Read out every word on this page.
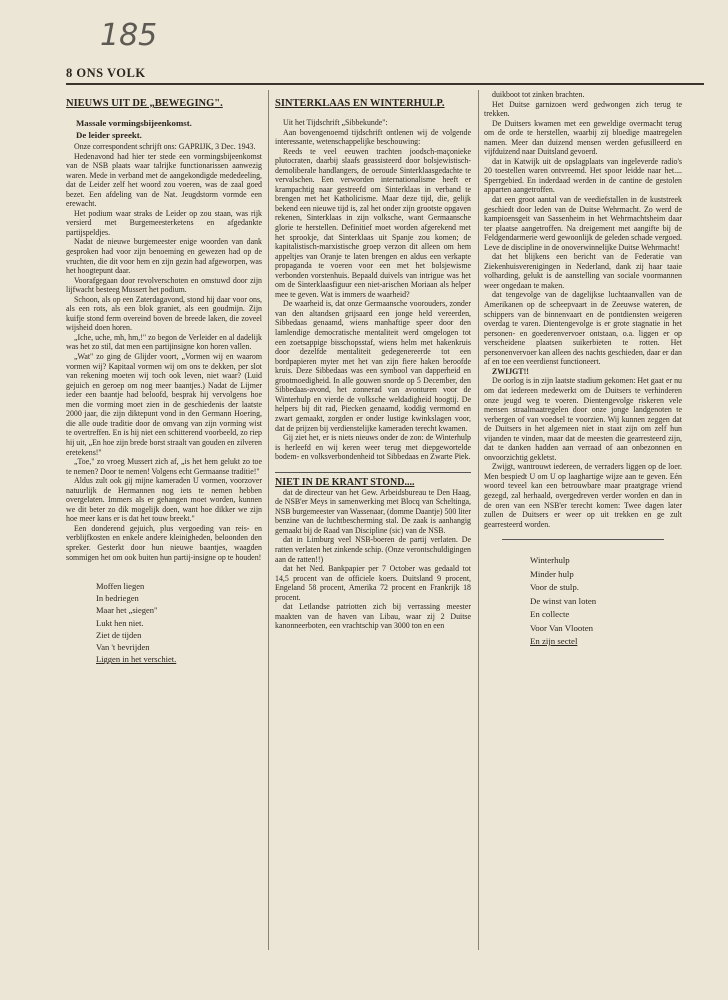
185
8 ONS VOLK
NIEUWS UIT DE „BEWEGING".
Massale vormingsbijeenkomst.
De leider spreekt.

Onze correspondent schrijft ons: GAPRIJK, 3 Dec. 1943.

Hedenavond had hier ter stede een vormingsbijeenkomst van de NSB plaats waar talrijke functionarissen aanwezig waren. Mede in verband met de aangekondigde mededeeling, dat de Leider zelf het woord zou voeren, was de zaal goed bezet. Een afdeling van de Nat. Jeugdstorm vormde een erewacht.

Het podium waar straks de Leider op zou staan, was rijk versierd met Burgemeesterketens en afgedankte partijspeldjes.

Nadat de nieuwe burgemeester enige woorden van dank gesproken had voor zijn benoeming en gewezen had op de vruchten, die dit voor hem en zijn gezin had afgeworpen, was het hoogtepunt daar.

Voorafgegaan door revolverschoten en omstuwd door zijn lijfwacht besteeg Mussert het podium.

Schoon, als op een Zaterdagavond, stond hij daar voor ons, als een rots, als een blok graniet, als een goudmijn. Zijn kuifje stond ferm overeind boven de breede laken, die zoveel wijsheid doen horen.

„Iche, uche, mh, hm,!" zo begon de Verleider en al dadelijk was het zo stil, dat men een partijinsigne kon horen vallen.

„Wat" zo ging de Glijder voort, „Vormen wij en waarom vormen wij? Kapitaal vormen wij om ons te dekken, per slot van rekening moeten wij toch ook leven, niet waar? (Luid gejuich en geroep om nog meer baantjes.) Nadat de Lijmer ieder een baantje had beloofd, besprak hij vervolgens hoe men die vorming moet zien in de geschiedenis der laatste 2000 jaar, die zijn diktepunt vond in den Germann Hoering, die alle oude traditie door de omvang van zijn vorming wist te overtreffen. En is hij niet een schitterend voorbeeld, zo riep hij uit, „En hoe zijn brede borst straalt van gouden en zilveren eretekens!"

„Toe," zo vroeg Mussert zich af, „is het hem gelukt zo toe te nemen? Door te nemen! Volgens echt Germaanse traditie!"

Aldus zult ook gij mijne kameraden U vormen, voorzover natuurlijk de Hermannen nog iets te nemen hebben overgelaten. Immers als er gehangen moet worden, kunnen we dit beter zo dik mogelijk doen, want hoe dikker we zijn hoe meer kans er is dat het touw breekt."

Een donderend gejuich, plus vergoeding van reis- en verblijfkosten en enkele andere kleinigheden, beloonden den spreker. Gesterkt door hun nieuwe baantjes, waagden sommigen het om ook buiten hun partij-insigne op te houden!

Moffen liegen
In bedriegen
Maar het „siegen"
Lukt hen niet.
Ziet de tijden
Van 't bevrijden
Liggen in het verschiet.
SINTERKLAAS EN WINTERHULP.

Uit het Tijdschrift „Sibbekunde":

Aan bovengenoemd tijdschrift ontlenen wij de volgende interessante, wetenschappelijke beschouwing:

Reeds te veel eeuwen trachten joodsch-maçonieke plutocraten, daarbij slaafs geassisteerd door bolsjewistisch-demoliberale handlangers, de oeroude Sinterklaasgedachte te vervalschen. Een verworden internationalisme heeft er krampachtig naar gestreefd om Sinterklaas in verband te brengen met het Katholicisme. Maar deze tijd, die, gelijk bekend een nieuwe tijd is, zal het onder zijn grootste opgaven rekenen, Sinterklaas in zijn volksche, want Germaansche glorie te herstellen. Definitief moet worden afgerekend met het sprookje, dat Sinterklaas uit Spanje zou komen; de kapitalistisch-marxistische groep verzon dit alleen om hem appeltjes van Oranje te laten brengen en aldus een verkapte propaganda te voeren voor een met het bolsjewisme verbonden vorstenhuis. Bepaald duivels van intrigue was het om de Sinterklaasfiguur een niet-arischen Moriaan als helper mee te geven. Wat is immers de waarheid?

De waarheid is, dat onze Germaansche voorouders, zonder van den altandsen grijsaard een jonge held vereerden, Sibbedaas genaamd, wiens manhaftige speer door den lamlendige democratische mentaliteit werd omgelogen tot een zoetsappige bisschopsstaf, wiens helm met hakenkruis door dezelfde mentaliteit gedegenereerde tot een bordpapieren myter met het van zijn fiere haken beroofde kruis. Deze Sibbedaas was een symbool van dapperheid en grootmoedigheid. In alle gouwen snorde op 5 December, den Sibbedaas-avond, het zonnerad van avonturen voor de Winterhulp en vierde de volksche weldadigheid hoogtij. De helpers bij dit rad, Piecken genaamd, koddig vermomd en zwart gemaakt, zorgden er onder lustige kwinkslagen voor, dat de prijzen bij verdienstelijke kameraden terecht kwamen.

Gij ziet het, er is niets nieuws onder de zon: de Winterhulp is herleefd en wij keren weer terug met diepgewortelde bodem- en volksverbondenheid tot Sibbedaas en Zwarte Piek.

NIET IN DE KRANT STOND....

dat de directeur van het Gew. Arbeidsbureau te Den Haag, de NSB'er Meys in samenwerking met Blocq van Scheltinga, NSB burgemeester van Wassenaar, (domme Daantje) 500 liter benzine van de luchtbescherming stal. De zaak is aanhangig gemaakt bij de Raad van Discipline (sic) van de NSB.

dat in Limburg veel NSB-boeren de partij verlaten. De ratten verlaten het zinkende schip. (Onze verontschuldigingen aan de ratten!!)

dat het Ned. Bankpapier per 7 October was gedaald tot 14,5 procent van de officiele koers. Duitsland 9 procent, Engeland 58 procent, Amerika 72 procent en Frankrijk 18 procent.

dat Letlandse patriotten zich bij verrassing meester maakten van de haven van Libau, waar zij 2 Duitse kanonneerboten, een vrachtschip van 3000 ton en een

duikboot tot zinken brachten.

Het Duitse garnizoen werd gedwongen zich terug te trekken.

De Duitsers kwamen met een geweldige overmacht terug om de orde te herstellen, waarbij zij bloedige maatregelen namen. Meer dan duizend mensen werden gefusilleerd en vijfduizend naar Duitsland gevoerd.

dat in Katwijk uit de opslagplaats van ingeleverde radio's 20 toestellen waren ontvreemd. Het spoor leidde naar het.... Sperrgebied. En inderdaad werden in de cantine de gestolen apparten aangetroffen.

dat een groot aantal van de veediefstallen in de kuststreek geschiedt door leden van de Duitse Wehrmacht. Zo werd de kampioensgeit van Sassenheim in het Wehrmachtsheim daar ter plaatse aangetroffen. Na dreigement met aangifte bij de Feldgendarmerie werd gewoonlijk de geleden schade vergoed. Leve de discipline in de onoverwinnelijke Duitse Wehrmacht!

dat het blijkens een bericht van de Federatie van Ziekenhuisverenigingen in Nederland, dank zij haar taaie volharding, gelukt is de aanstelling van sociale voormannen weer ongedaan te maken.

dat tengevolge van de dagelijkse luchtaanvallen van de Amerikanen op de scheepvaart in de Zeeuwse wateren, de schippers van de binnenvaart en de pontdiensten weigeren overdag te varen. Dientengevolge is er grote stagnatie in het personen- en goederenvervoer ontstaan, o.a. liggen er op verscheidene plaatsen suikerbieten te rotten. Het personenvervoer kan alleen des nachts geschieden, daar er dan af en toe een veerdienst functioneert.

ZWIJGT!!

De oorlog is in zijn laatste stadium gekomen: Het gaat er nu om dat iedereen medewerkt om de Duitsers te verhinderen onze jeugd weg te voeren. Dientengevolge riskeren vele mensen straalmaatregelen door onze jonge landgenoten te verbergen of van voedsel te voorzien. Wij kunnen zeggen dat de Duitsers in het algemeen niet in staat zijn om zelf hun vijanden te vinden, maar dat de meesten die gearresteerd zijn, dat te danken hadden aan verraad of aan onbezonnen en onvoorzichtig gekletst.

Zwijgt, wantrouwt iedereen, de verraders liggen op de loer. Men bespiedt U om U op laaghartige wijze aan te geven. Eén woord teveel kan een betrouwbare maar praatgrage vriend gezegd, zal herhaald, overgedreven verder worden en dan in de oren van een NSB'er terecht komen: Twee dagen later zullen de Duitsers er weer op uit trekken en ge zult gearresteerd worden.

Winterhulp
Minder hulp
Voor de stulp.
De winst van loten
En collecte
Voor Van Vlooten
En zijn sectel
